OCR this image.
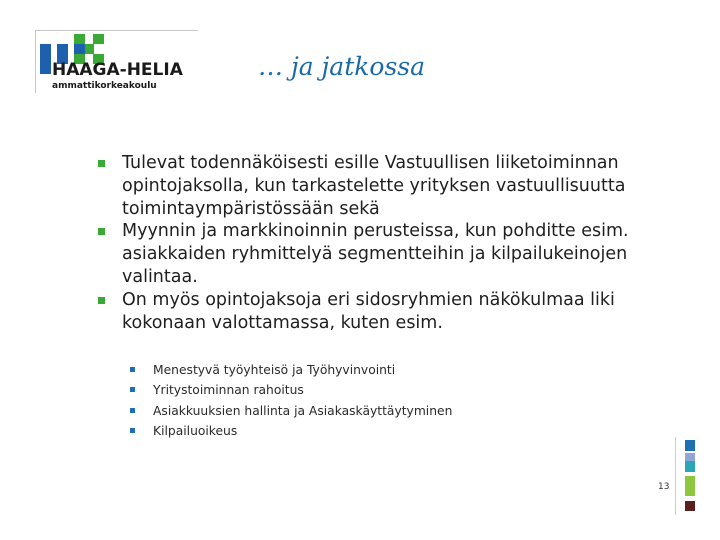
HAAGA-HELIA
ammattikorkeakoulu
… ja jatkossa
Tulevat todennäköisesti esille Vastuullisen liiketoiminnan opintojaksolla, kun tarkastelette yrityksen vastuullisuutta toimintaympäristössään sekä
Myynnin ja markkinoinnin perusteissa, kun pohditte esim. asiakkaiden ryhmittelyä segmentteihin ja kilpailukeinojen valintaa.
On myös opintojaksoja eri sidosryhmien näkökulmaa liki kokonaan valottamassa, kuten esim.
Menestyvä työyhteisö ja Työhyvinvointi
Yritystoiminnan rahoitus
Asiakkuuksien hallinta ja Asiakaskäyttäytyminen
Kilpailuoikeus
13
